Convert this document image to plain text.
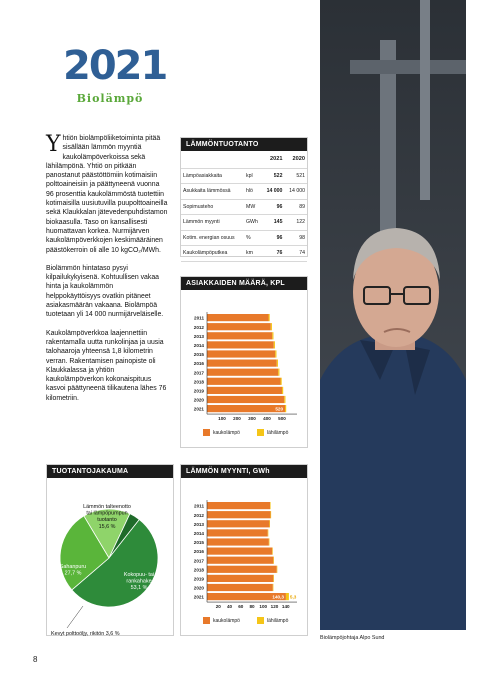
2021
Biolämpö

Yhtiön biolämpöliiketoiminta pitää sisällään lämmön myyntiä kaukolämpöverkoissa sekä lähilämpönä. Yhtiö on pitkään panostanut päästöttömiin kotimaisiin polttoaineisiin ja päättyneenä vuonna 96 prosenttia kaukolämmöstä tuotettiin kotimaisilla uusiutuvilla puupolttoaineilla sekä Klaukkalan jätevedenpuhdistamon biokaasulla. Taso on kansallisesti huomattavan korkea. Nurmijärven kaukolämpöverkkojen keskimääräinen päästökerroin oli alle 10 kgCO₂/MWh.

Biolämmön hintataso pysyi kilpailukykyisenä. Kohtuullisen vakaa hinta ja kaukolämmön helppokäyttöisyys ovatkin pitäneet asiakasmäärän vakaana. Biolämpöä tuotetaan yli 14 000 nurmijärveläiselle.

Kaukolämpöverkkoa laajennettiin rakentamalla uutta runkolinjaa ja uusia talohaaroja yhteensä 1,8 kilometrin verran. Rakentamisen painopiste oli Klaukkalassa ja yhtiön kaukolämpöverkon kokonaispituus kasvoi päättyneenä tilikautena lähes 76 kilometriin.

LÄMMÖNTUOTANTO
		2021	2020
Lämpöasiakkaita	kpl	522	521
Asukkaita lämmössä	hlö	14 000	14 000
Sopimusteho	MW	96	89
Lämmön myynti	GWh	145	122
Kotim. energian osuus	%	96	98
Kaukolämpöputkea	km	76	74
ASIAKKAIDEN MÄÄRÄ, KPL
2011
2012
2013
2014
2015
2016
2017
2018
2019
2020
2021
100 200 300 400 500
520
kaukolämpö	lähilämpö
TUOTANTOJAKAUMA
Lämmön talteenotto tai lämpöpumpun tuotanto 15,6 %
Sahanpuru 27,7 %	Kokopuu- tai rankahake 53,1 %
Kevyt polttoöljy, rikitön 3,6 %
LÄMMÖN MYYNTI, GWh
2011
2012
2013
2014
2015
2016
2017
2018
2019
2020
2021
20 40 60 80 100 120 140
140,3 5,3
kaukolämpö	lähilämpö
Biolämpöjohtaja Alpo Sund
8
